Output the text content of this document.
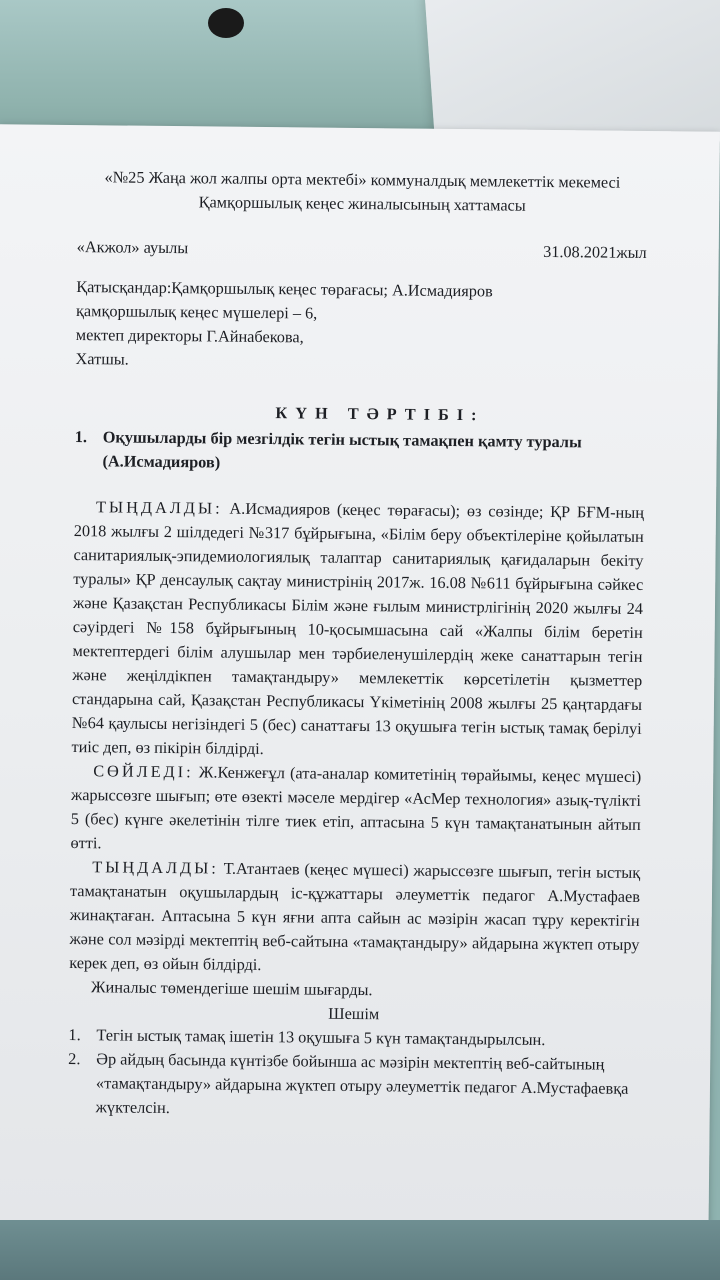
«№25 Жаңа жол жалпы орта мектебі» коммуналдық мемлекеттік мекемесі
Қамқоршылық кеңес жиналысының хаттамасы
«Акжол» ауылы	31.08.2021жыл
Қатысқандар:Қамқоршылық кеңес төрағасы; А.Исмадияров
қамқоршылық кеңес мүшелері – 6,
мектеп директоры Г.Айнабекова,
Хатшы.
КҮН ТӘРТІБІ:
1. Оқушыларды бір мезгілдік тегін ыстық тамақпен қамту туралы (А.Исмадияров)

ТЫҢДАЛДЫ: А.Исмадияров (кеңес төрағасы); өз сөзінде; ҚР БҒМ-ның 2018 жылғы 2 шілдедегі №317 бұйрығына, «Білім беру объектілеріне қойылатын санитариялық-эпидемиологиялық талаптар санитариялық қағидаларын бекіту туралы» ҚР денсаулық сақтау министрінің 2017ж. 16.08 №611 бұйрығына сәйкес және Қазақстан Республикасы Білім және ғылым министрлігінің 2020 жылғы 24 сәуірдегі №158 бұйрығының 10-қосымшасына сай «Жалпы білім беретін мектептердегі білім алушылар мен тәрбиеленушілердің жеке санаттарын тегін және жеңілдікпен тамақтандыру» мемлекеттік көрсетілетін қызметтер стандарына сай, Қазақстан Республикасы Үкіметінің 2008 жылғы 25 қаңтардағы №64 қаулысы негізіндегі 5 (бес) санаттағы 13 оқушыға тегін ыстық тамақ берілуі тиіс деп, өз пікірін білдірді.

СӨЙЛЕДІ: Ж.Кенжеғұл (ата-аналар комитетінің төрайымы, кеңес мүшесі) жарыссөзге шығып; өте өзекті мәселе мердігер «АсМер технология» азық-түлікті 5 (бес) күнге әкелетінін тілге тиек етіп, аптасына 5 күн тамақтанатынын айтып өтті.

ТЫҢДАЛДЫ: Т.Атантаев (кеңес мүшесі) жарыссөзге шығып, тегін ыстық тамақтанатын оқушылардың іс-құжаттары әлеуметтік педагог А.Мустафаев жинақтаған. Аптасына 5 күн яғни апта сайын ас мәзірін жасап тұру керектігін және сол мәзірді мектептің веб-сайтына «тамақтандыру» айдарына жүктеп отыру керек деп, өз ойын білдірді.

Жиналыс төмендегіше шешім шығарды.

Шешім
1. Тегін ыстық тамақ ішетін 13 оқушыға 5 күн тамақтандырылсын.
2. Әр айдың басында күнтізбе бойынша ас мәзірін мектептің веб-сайтының «тамақтандыру» айдарына жүктеп отыру әлеуметтік педагог А.Мустафаевқа жүктелсін.
